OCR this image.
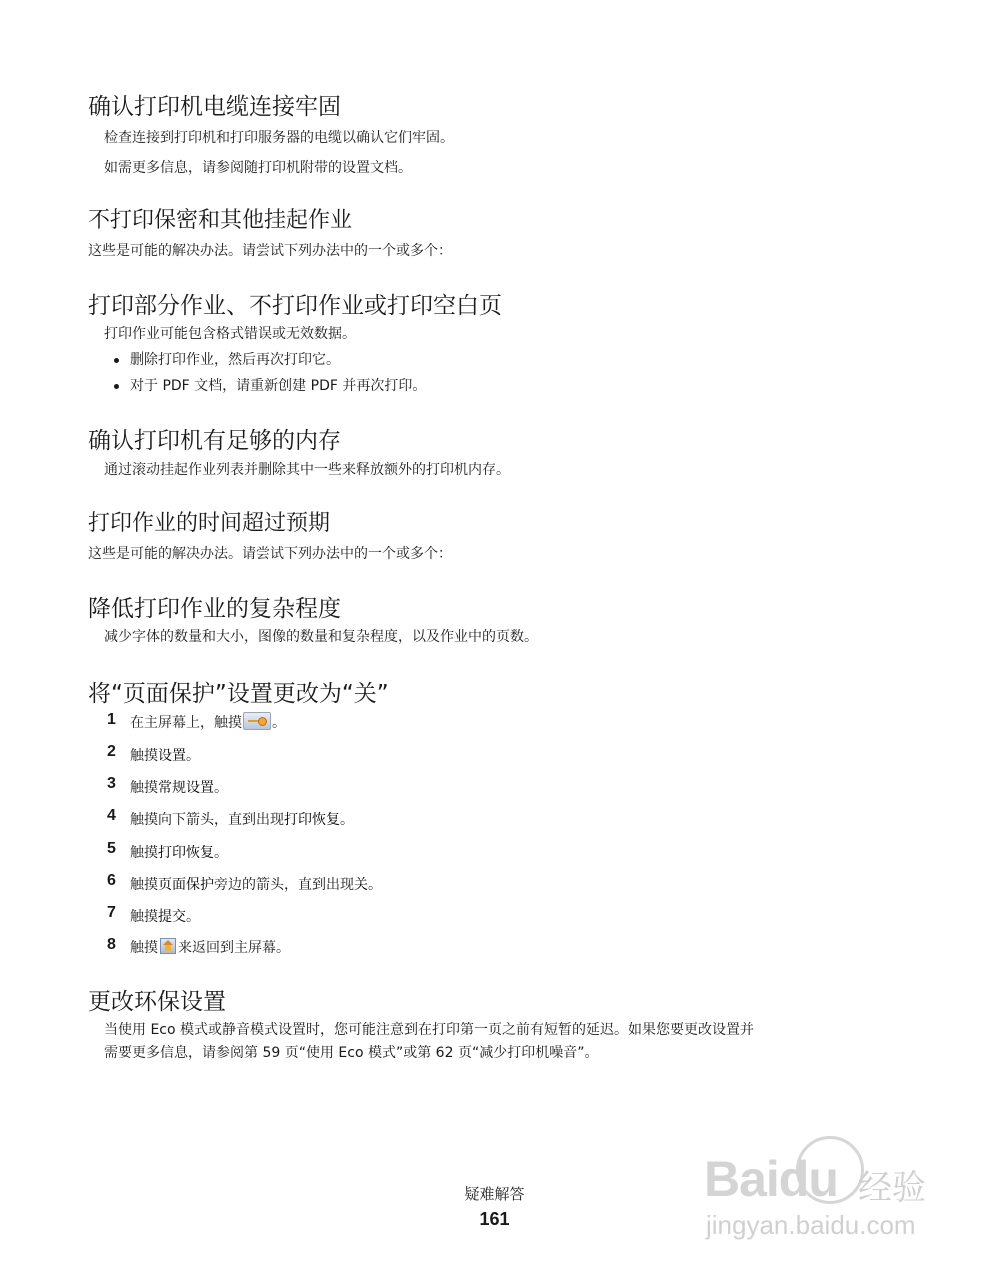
确认打印机电缆连接牢固

检查连接到打印机和打印服务器的电缆以确认它们牢固。

如需更多信息，请参阅随打印机附带的设置文档。

不打印保密和其他挂起作业

这些是可能的解决办法。请尝试下列办法中的一个或多个：

打印部分作业、不打印作业或打印空白页

打印作业可能包含格式错误或无效数据。

删除打印作业，然后再次打印它。

对于 PDF 文档，请重新创建 PDF 并再次打印。

确认打印机有足够的内存

通过滚动挂起作业列表并删除其中一些来释放额外的打印机内存。

打印作业的时间超过预期

这些是可能的解决办法。请尝试下列办法中的一个或多个：

降低打印作业的复杂程度

减少字体的数量和大小，图像的数量和复杂程度，以及作业中的页数。

将“页面保护”设置更改为“关”
1 在主屏幕上，触摸 。
2 触摸设置。
3 触摸常规设置。
4 触摸向下箭头，直到出现打印恢复。
5 触摸打印恢复。
6 触摸页面保护旁边的箭头，直到出现关。
7 触摸提交。
8 触摸 来返回到主屏幕。
更改环保设置

当使用 Eco 模式或静音模式设置时，您可能注意到在打印第一页之前有短暂的延迟。如果您要更改设置并

需要更多信息，请参阅第 59 页“使用 Eco 模式”或第 62 页“减少打印机噪音”。

疑难解答
161
Baidu 经验
jingyan.baidu.com
